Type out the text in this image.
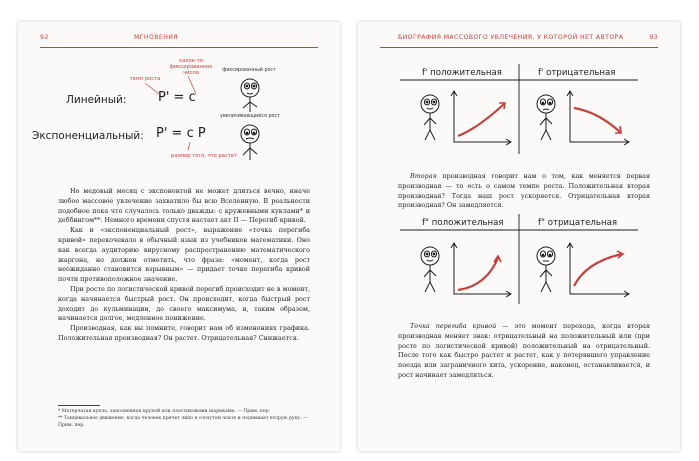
92	МГНОВЕНИЯ
Линейный: P' = c
Экспоненциальный: P' = c P
темп роста
какое-то фиксированное число	фиксированный рост
увеличивающийся рост
размер того, что растет

Но медовый месяц с экспонентой не может длиться вечно, иначе любое массовое увлечение захватило бы всю Вселенную. В реальности подобное пока что случалось только дважды: с кружевными куклами* и деббингом**. Немного времени спустя настает акт II — Перегиб кривой.

Как и «экспоненциальный рост», выражение «точка перегиба кривой» перекочевало в обычный язык из учебников математики. Оно как всегда аудиторию вирусному распространению математического жаргона, но должен отметить, что фраза: «момент, когда рост неожиданно становится взрывным» — придает точке перегиба кривой почти противоположное значение.

При росте по логистической кривой перегиб происходит не в момент, когда начинается быстрый рост. Он происходит, когда быстрый рост доходит до кульминации, до своего максимума, и, таким образом, начинается долгое, медленное понижение.

Производная, как вы помните, говорит нам об изменениях графика. Положительная производная? Он растет. Отрицательная? Снижается.

* Матерчатая кукла, заполненная крупой или пластиковыми шариками. — Прим. пер.
** Танцевальное движение, когда человек прячет лицо в согнутом локте и поднимает вторую руку. — Прим. пер.
БИОГРАФИЯ МАССОВОГО УВЛЕЧЕНИЯ, У КОТОРОЙ НЕТ АВТОРА	93
f' положительная	f' отрицательная

Вторая производная говорит нам о том, как меняется первая производная — то есть о самом темпе роста. Положительная вторая производная? Тогда наш рост ускоряется. Отрицательная вторая производная? Он замедляется.

f" положительная	f" отрицательная

Точка перегиба кривой — это момент перехода, когда вторая производная меняет знак: отрицательный на положительный или (при росте по логистической кривой) положительный на отрицательный. После того как быстро растет и растет, как у потерявшего управление поезда или заграничного хита, ускорение, наконец, останавливается, и рост начинает замедляться.
